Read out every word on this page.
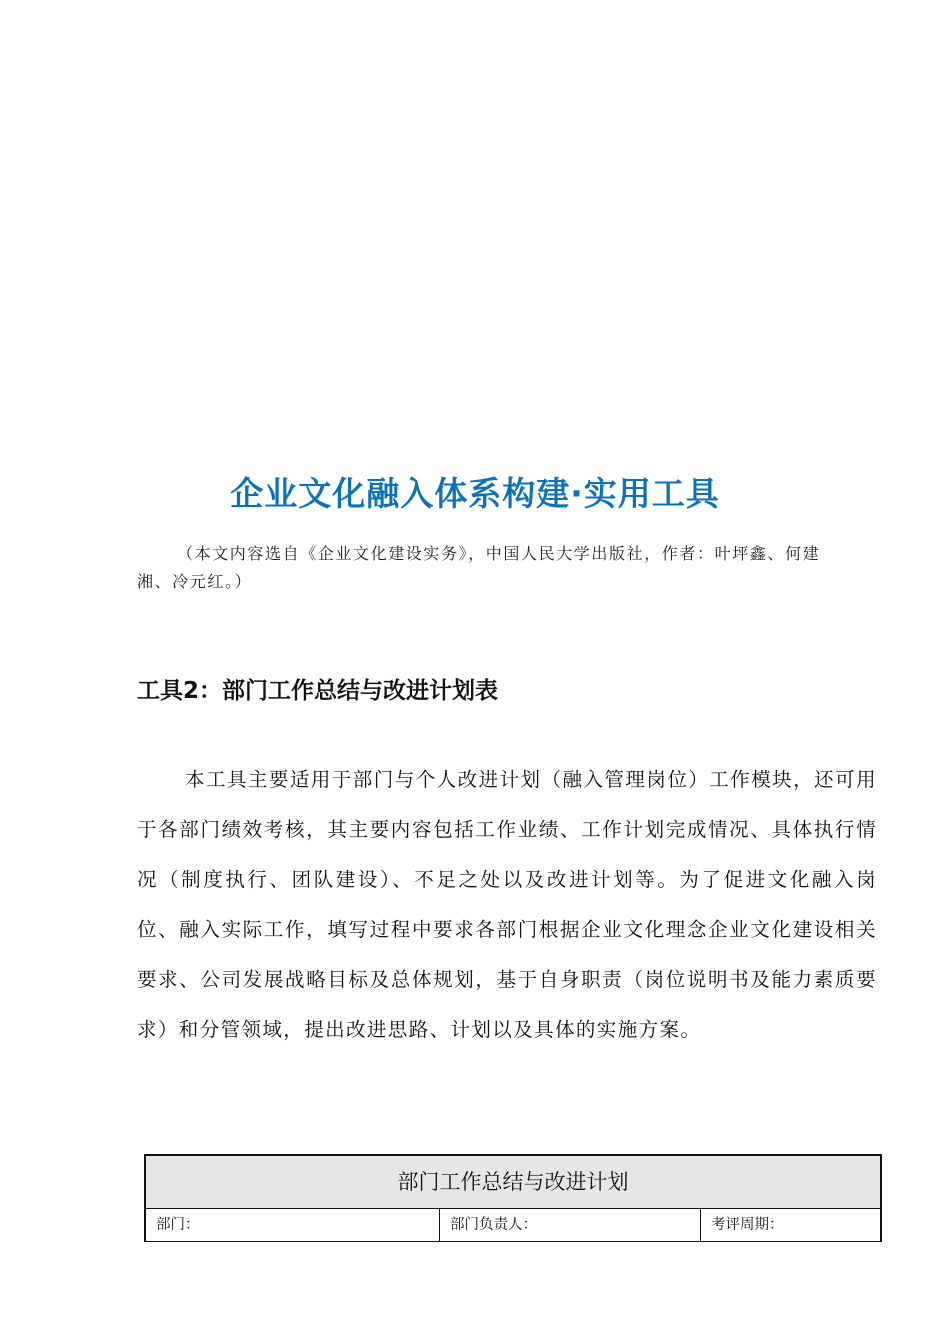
企业文化融入体系构建·实用工具

（本文内容选自《企业文化建设实务》，中国人民大学出版社，作者：叶坪鑫、何建湘、冷元红。）

工具2：部门工作总结与改进计划表

本工具主要适用于部门与个人改进计划（融入管理岗位）工作模块，还可用于各部门绩效考核，其主要内容包括工作业绩、工作计划完成情况、具体执行情况（制度执行、团队建设）、不足之处以及改进计划等。为了促进文化融入岗位、融入实际工作，填写过程中要求各部门根据企业文化理念企业文化建设相关要求、公司发展战略目标及总体规划，基于自身职责（岗位说明书及能力素质要求）和分管领域，提出改进思路、计划以及具体的实施方案。

部门工作总结与改进计划
部门：	部门负责人：	考评周期：
